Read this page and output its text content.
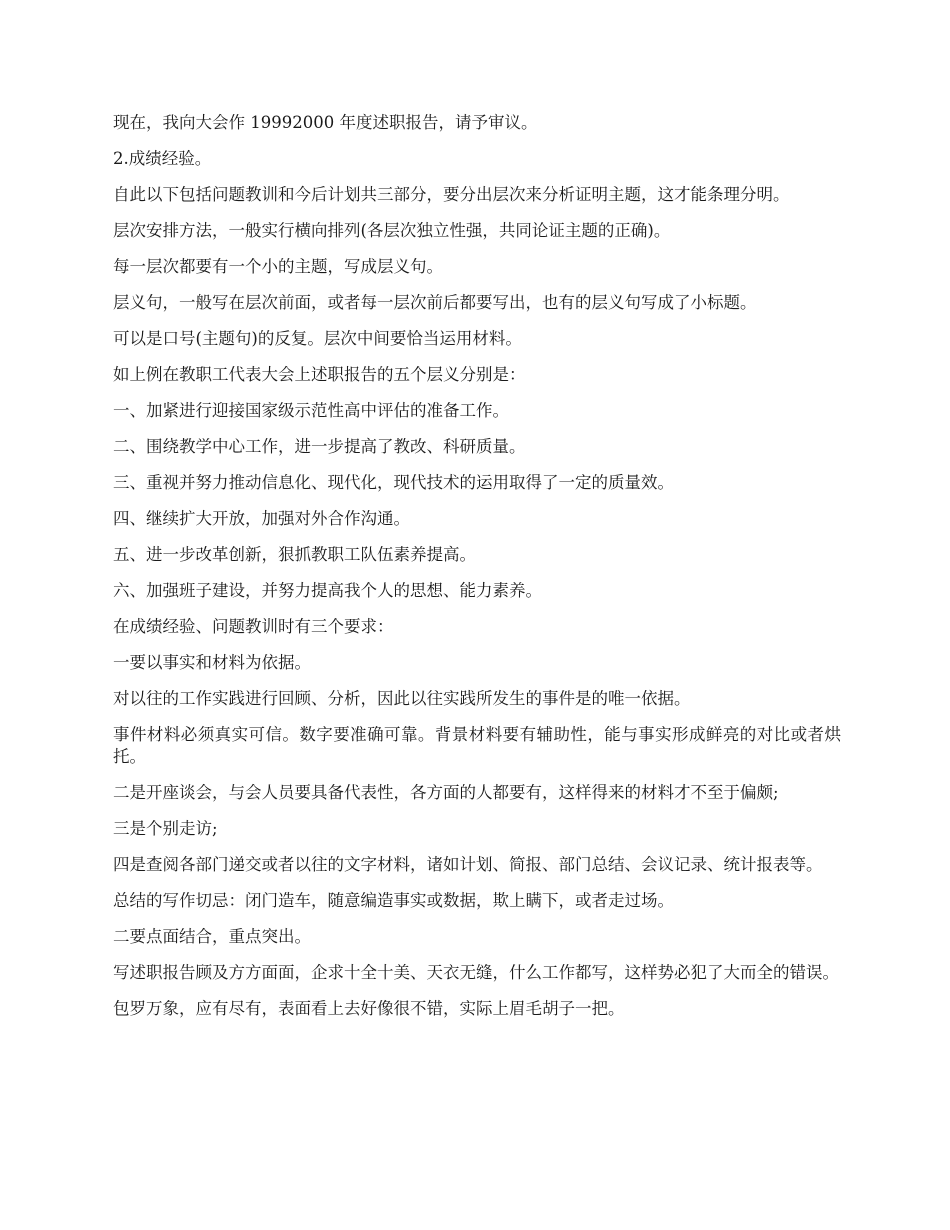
现在，我向大会作 19992000 年度述职报告，请予审议。

2.成绩经验。

自此以下包括问题教训和今后计划共三部分，要分出层次来分析证明主题，这才能条理分明。

层次安排方法，一般实行横向排列(各层次独立性强，共同论证主题的正确)。

每一层次都要有一个小的主题，写成层义句。

层义句，一般写在层次前面，或者每一层次前后都要写出，也有的层义句写成了小标题。

可以是口号(主题句)的反复。层次中间要恰当运用材料。

如上例在教职工代表大会上述职报告的五个层义分别是：

一、加紧进行迎接国家级示范性高中评估的准备工作。

二、围绕教学中心工作，进一步提高了教改、科研质量。

三、重视并努力推动信息化、现代化，现代技术的运用取得了一定的质量效。

四、继续扩大开放，加强对外合作沟通。

五、进一步改革创新，狠抓教职工队伍素养提高。

六、加强班子建设，并努力提高我个人的思想、能力素养。

在成绩经验、问题教训时有三个要求：

一要以事实和材料为依据。

对以往的工作实践进行回顾、分析，因此以往实践所发生的事件是的唯一依据。

事件材料必须真实可信。数字要准确可靠。背景材料要有辅助性，能与事实形成鲜亮的对比或者烘托。

二是开座谈会，与会人员要具备代表性，各方面的人都要有，这样得来的材料才不至于偏颇;

三是个别走访;

四是查阅各部门递交或者以往的文字材料，诸如计划、简报、部门总结、会议记录、统计报表等。

总结的写作切忌：闭门造车，随意编造事实或数据，欺上瞒下，或者走过场。

二要点面结合，重点突出。

写述职报告顾及方方面面，企求十全十美、天衣无缝，什么工作都写，这样势必犯了大而全的错误。

包罗万象，应有尽有，表面看上去好像很不错，实际上眉毛胡子一把。
